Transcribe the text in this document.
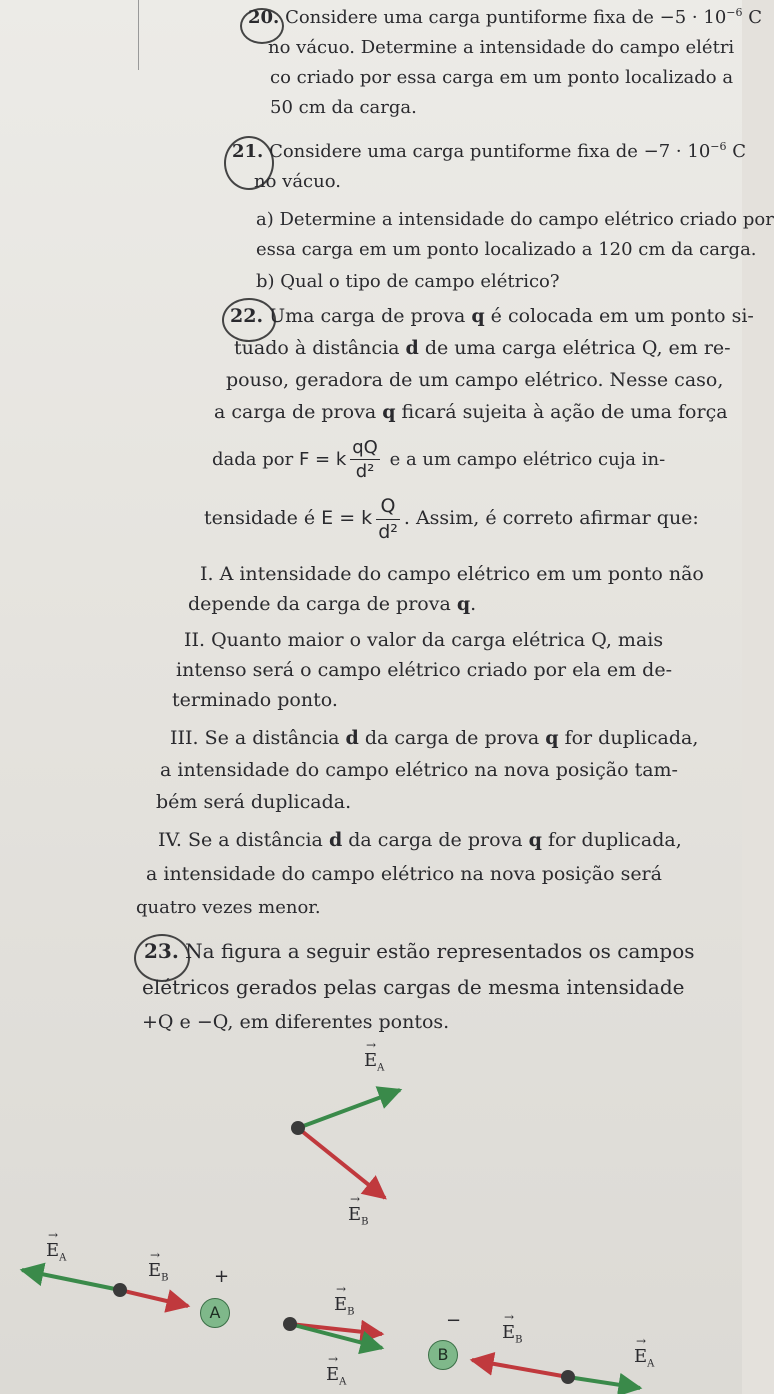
20. Considere uma carga puntiforme fixa de $-5 \cdot 10^{-6}$ C
no vácuo. Determine a intensidade do campo elétri
co criado por essa carga em um ponto localizado a
50 cm da carga.
21. Considere uma carga puntiforme fixa de $-7 \cdot 10^{-6}$ C
no vácuo.
a) Determine a intensidade do campo elétrico criado por
essa carga em um ponto localizado a 120 cm da carga.
b) Qual o tipo de campo elétrico?
22. Uma carga de prova q é colocada em um ponto si-
tuado à distância d de uma carga elétrica Q, em re-
pouso, geradora de um campo elétrico. Nesse caso,
a carga de prova q ficará sujeita à ação de uma força
dada por F = k $\frac{qQ}{\text{d²}}$ e a um campo elétrico cuja in-
tensidade é E = k $\frac{Q}{\text{d²}}$ . Assim, é correto afirmar que:
I. A intensidade do campo elétrico em um ponto não
depende da carga de prova q.
II. Quanto maior o valor da carga elétrica Q, mais
intenso será o campo elétrico criado por ela em de-
terminado ponto.
III. Se a distância d da carga de prova q for duplicada,
a intensidade do campo elétrico na nova posição tam-
bém será duplicada.
IV. Se a distância d da carga de prova q for duplicada,
a intensidade do campo elétrico na nova posição será
quatro vezes menor.
23. Na figura a seguir estão representados os campos
elétricos gerados pelas cargas de mesma intensidade
+Q e −Q, em diferentes pontos.
→
$E_A$
→
$E_B$
→
$E_A$	→
$E_B$
→
$E_B$
→
$E_A$
→
$E_B$	→
$E_A$
+
−
A
B
